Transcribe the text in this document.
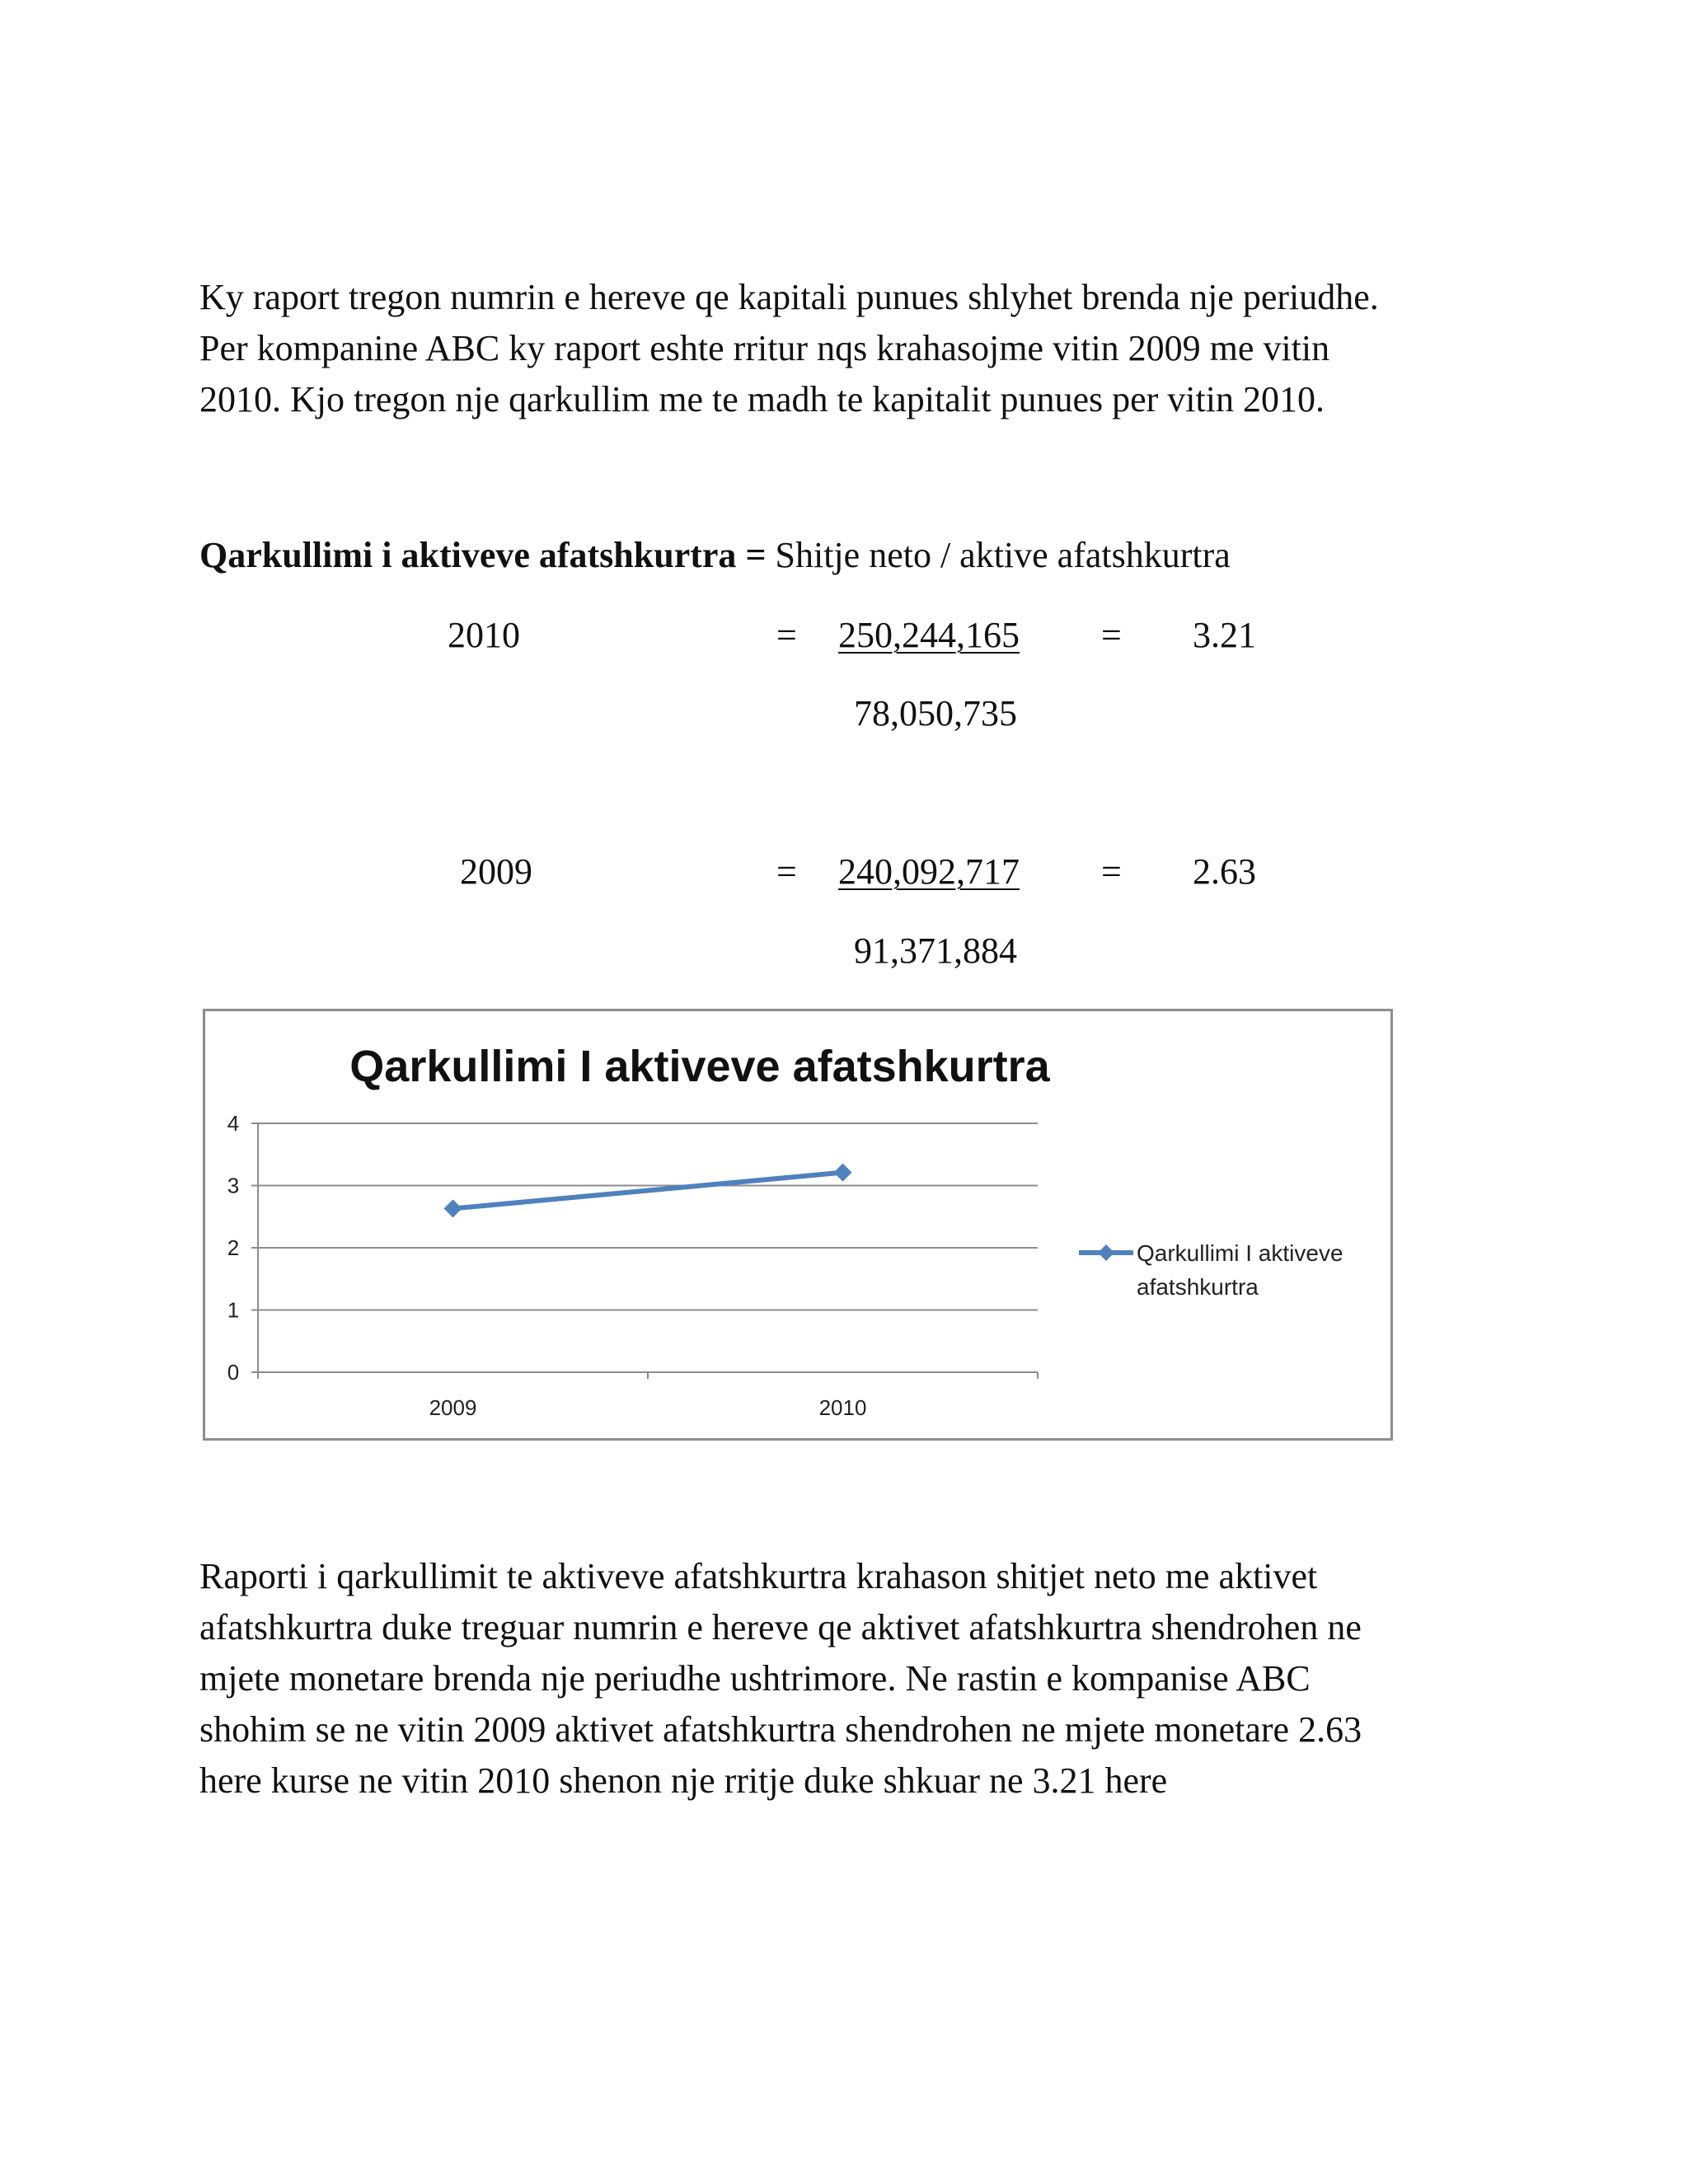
Ky raport tregon numrin e hereve qe kapitali punues shlyhet brenda nje periudhe.
Per kompanine ABC ky raport eshte rritur nqs krahasojme vitin 2009 me vitin
2010. Kjo tregon nje qarkullim me te madh te kapitalit punues per vitin 2010.
Qarkullimi i aktiveve afatshkurtra = Shitje neto / aktive afatshkurtra
2010	= 250,244,165 = 3.21
78,050,735
2009	= 240,092,717 = 2.63
91,371,884
Qarkullimi I aktiveve afatshkurtra
0
1
2
3
4
2009	2010
Qarkullimi I aktiveve
afatshkurtra
Raporti i qarkullimit te aktiveve afatshkurtra krahason shitjet neto me aktivet
afatshkurtra duke treguar numrin e hereve qe aktivet afatshkurtra shendrohen ne
mjete monetare brenda nje periudhe ushtrimore. Ne rastin e kompanise ABC
shohim se ne vitin 2009 aktivet afatshkurtra shendrohen ne mjete monetare 2.63
here kurse ne vitin 2010 shenon nje rritje duke shkuar ne 3.21 here
